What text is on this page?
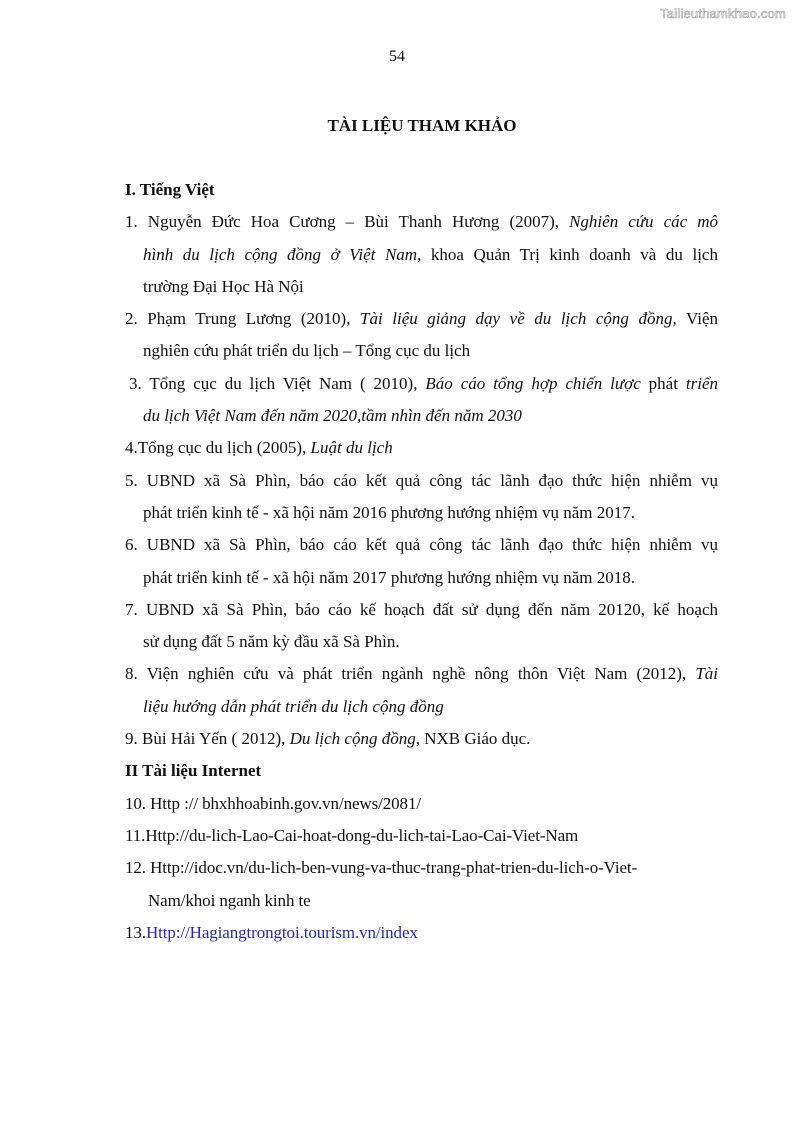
Tailieuthamkhao.com
54
TÀI LIỆU THAM KHẢO
I. Tiếng Việt
1. Nguyễn Đức Hoa Cương – Bùi Thanh Hương (2007), Nghiên cứu các mô
hình du lịch cộng đồng ở Việt Nam, khoa Quản Trị kinh doanh và du lịch
trường Đại Học Hà Nội
2. Phạm Trung Lương (2010), Tài liệu giảng dạy về du lịch cộng đồng, Viện
nghiên cứu phát triển du lịch – Tổng cục du lịch
3. Tổng cục du lịch Việt Nam ( 2010), Báo cáo tổng hợp chiến lược phát triển
du lịch Việt Nam đến năm 2020,tầm nhìn đến năm 2030
4.Tổng cục du lịch (2005), Luật du lịch
5. UBND xã Sà Phìn, báo cáo kết quả công tác lãnh đạo thức hiện nhiễm vụ
phát triển kinh tế - xã hội năm 2016 phương hướng nhiệm vụ năm 2017.
6. UBND xã Sà Phìn, báo cáo kết quả công tác lãnh đạo thức hiện nhiễm vụ
phát triển kinh tế - xã hội năm 2017 phương hướng nhiệm vụ năm 2018.
7. UBND xã Sà Phìn, báo cáo kế hoạch đất sử dụng đến năm 20120, kế hoạch
sử dụng đất 5 năm kỳ đầu xã Sà Phìn.
8. Viện nghiên cứu và phát triển ngành nghề nông thôn Việt Nam (2012), Tài
liệu hướng dẫn phát triển du lịch cộng đồng
9. Bùi Hải Yến ( 2012), Du lịch cộng đồng, NXB Giáo dục.
II Tài liệu Internet
10. Http :// bhxhhoabinh.gov.vn/news/2081/
11.Http://du-lich-Lao-Cai-hoat-dong-du-lich-tai-Lao-Cai-Viet-Nam
12. Http://idoc.vn/du-lich-ben-vung-va-thuc-trang-phat-trien-du-lich-o-Viet-
Nam/khoi nganh kinh te
13.Http://Hagiangtrongtoi.tourism.vn/index
